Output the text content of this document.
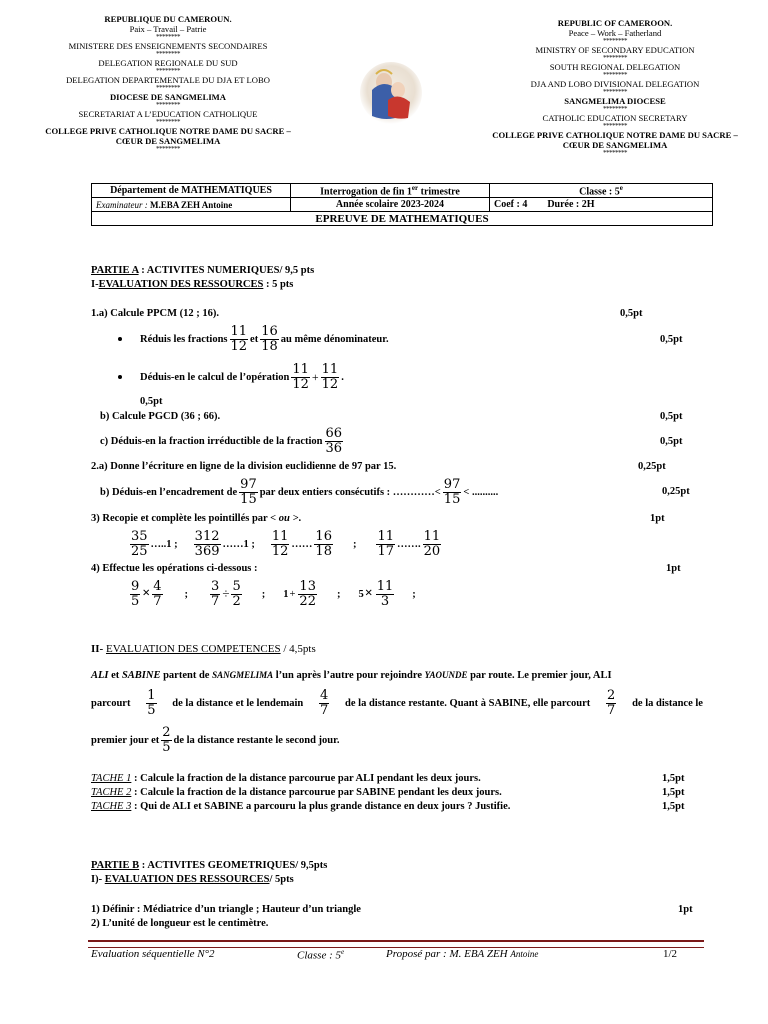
REPUBLIQUE DU CAMEROUN.
Paix – Travail – Patrie
********
MINISTERE DES ENSEIGNEMENTS SECONDAIRES
********
DELEGATION REGIONALE DU SUD
********
DELEGATION DEPARTEMENTALE DU DJA ET LOBO
********
DIOCESE DE SANGMELIMA
********
SECRETARIAT A L’EDUCATION CATHOLIQUE
********
COLLEGE PRIVE CATHOLIQUE NOTRE DAME DU SACRE –
CŒUR DE SANGMELIMA
********
REPUBLIC OF CAMEROON.
Peace – Work – Fatherland
********
MINISTRY OF SECONDARY EDUCATION
********
SOUTH REGIONAL DELEGATION
********
DJA AND LOBO DIVISIONAL DELEGATION
********
SANGMELIMA DIOCESE
********
CATHOLIC EDUCATION SECRETARY
********
COLLEGE PRIVE CATHOLIQUE NOTRE DAME DU SACRE –
CŒUR DE SANGMELIMA
********
Département de MATHEMATIQUES	Interrogation de fin 1er trimestre	Classe : 5e
Examinateur : M.EBA ZEH Antoine	Année scolaire 2023-2024	Coef : 4 Durée : 2H
EPREUVE DE MATHEMATIQUES		
PARTIE A : ACTIVITES NUMERIQUES/ 9,5 pts
I-EVALUATION DES RESSOURCES : 5 pts
1.a) Calcule PPCM (12 ; 16).	0,5pt
Réduis les fractions $\frac{11}{12}$ et $\frac{16}{18}$ au même dénominateur.	0,5pt
Déduis-en le calcul de l’opération $\frac{11}{12} + \frac{11}{12}$ .
0,5pt
b) Calcule PGCD (36 ; 66).	0,5pt
c) Déduis-en la fraction irréductible de la fraction $\frac{66}{36}$	0,5pt
2.a) Donne l’écriture en ligne de la division euclidienne de 97 par 15.	0,25pt
b) Déduis-en l’encadrement de $\frac{97}{15}$ par deux entiers consécutifs : …………< $\frac{97}{15}$ < ..........	0,25pt
3) Recopie et complète les pointillés par < ou >.	1pt
$\frac{35}{25}$ …..1 ; $\frac{312}{369}$ ……1 ; $\frac{11}{12}$ …… $\frac{16}{18}$ ; $\frac{11}{17}$ ……. $\frac{11}{20}$
4) Effectue les opérations ci-dessous :	1pt
$\frac{9}{5} \times \frac{4}{7}$ ; $\frac{3}{7} \div \frac{5}{2}$ ; $1 + \frac{13}{22}$ ; $5 \times \frac{11}{3}$ ;
II- EVALUATION DES COMPETENCES / 4,5pts
ALI et SABINE partent de SANGMELIMA l’un après l’autre pour rejoindre YAOUNDE par route. Le premier jour, ALI
parcourt $\frac{1}{5}$ de la distance et le lendemain $\frac{4}{7}$ de la distance restante. Quant à SABINE, elle parcourt $\frac{2}{7}$ de la distance le
premier jour et $\frac{2}{5}$ de la distance restante le second jour.
TACHE 1 : Calcule la fraction de la distance parcourue par ALI pendant les deux jours.	1,5pt
TACHE 2 : Calcule la fraction de la distance parcourue par SABINE pendant les deux jours.	1,5pt
TACHE 3 : Qui de ALI et SABINE a parcouru la plus grande distance en deux jours ? Justifie.	1,5pt
PARTIE B : ACTIVITES GEOMETRIQUES/ 9,5pts
I)- EVALUATION DES RESSOURCES/ 5pts
1) Définir : Médiatrice d’un triangle ; Hauteur d’un triangle	1pt
2) L’unité de longueur est le centimètre.
Evaluation séquentielle N°2	Classe : 5e	Proposé par : M. EBA ZEH Antoine	1/2
